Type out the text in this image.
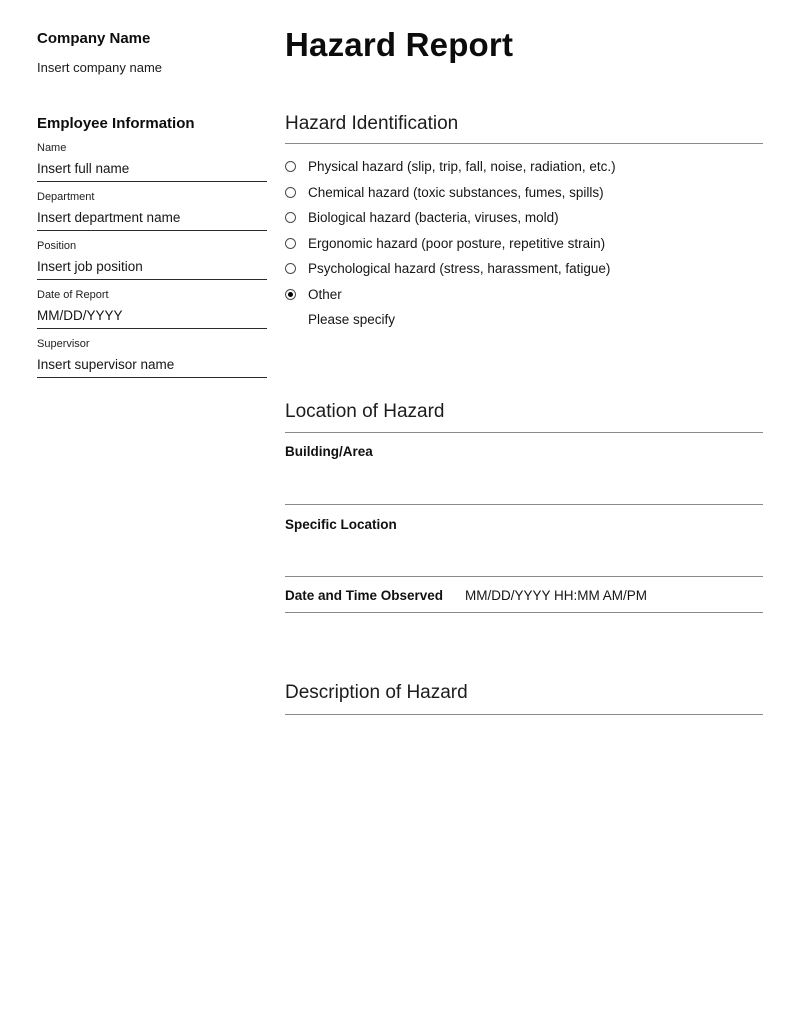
Company Name
Insert company name
Employee Information
Name
Insert full name
Department
Insert department name
Position
Insert job position
Date of Report
MM/DD/YYYY
Supervisor
Insert supervisor name
Hazard Report
Hazard Identification
Physical hazard (slip, trip, fall, noise, radiation, etc.)
Chemical hazard (toxic substances, fumes, spills)
Biological hazard (bacteria, viruses, mold)
Ergonomic hazard (poor posture, repetitive strain)
Psychological hazard (stress, harassment, fatigue)
Other
Please specify
Location of Hazard
Building/Area
Specific Location
Date and Time Observed MM/DD/YYYY HH:MM AM/PM
Description of Hazard
